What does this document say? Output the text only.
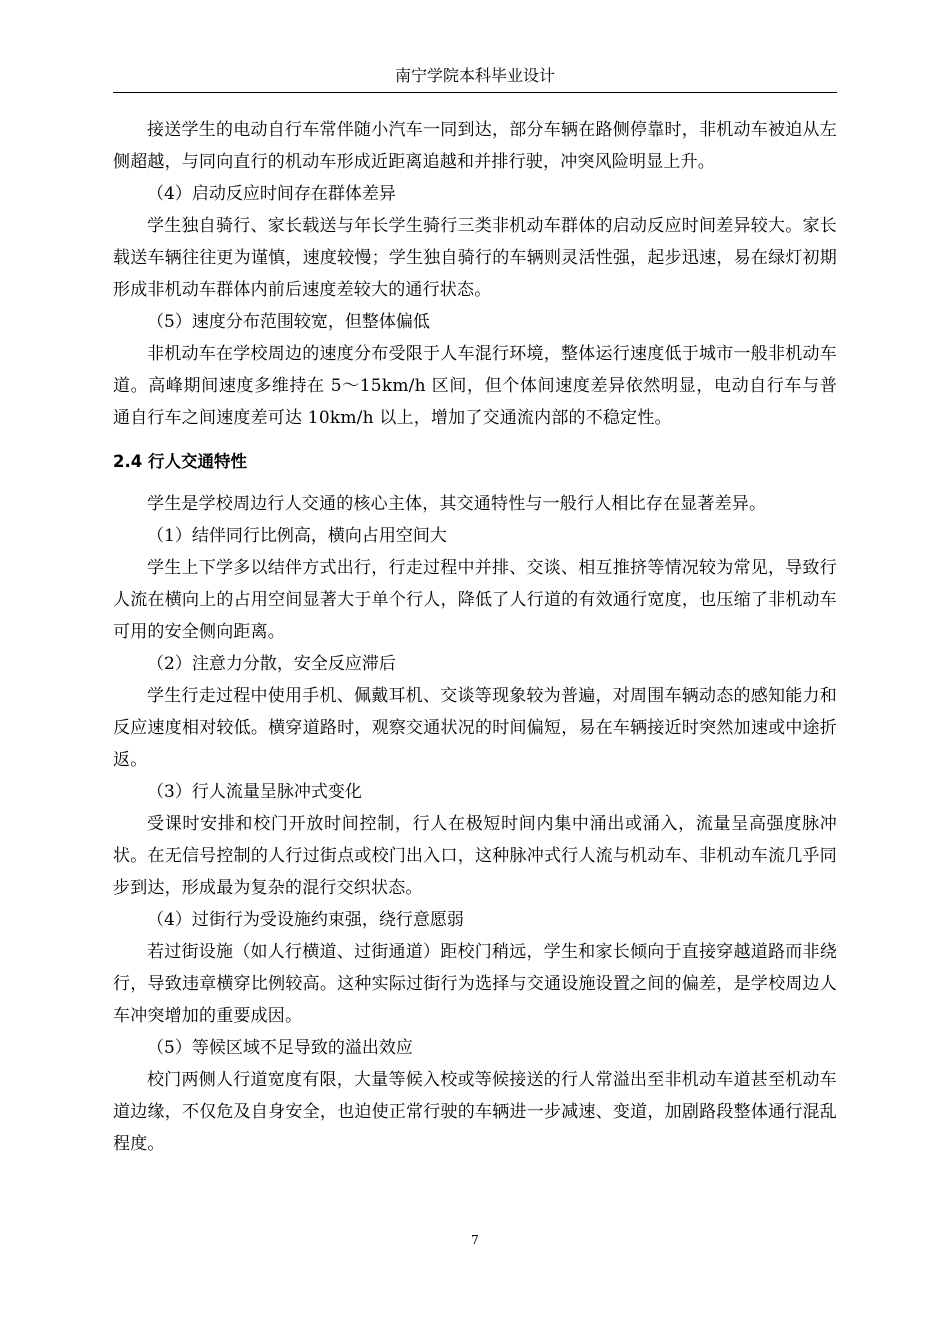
南宁学院本科毕业设计

接送学生的电动自行车常伴随小汽车一同到达，部分车辆在路侧停靠时，非机动车被迫从左侧超越，与同向直行的机动车形成近距离追越和并排行驶，冲突风险明显上升。

（4）启动反应时间存在群体差异

学生独自骑行、家长载送与年长学生骑行三类非机动车群体的启动反应时间差异较大。家长载送车辆往往更为谨慎，速度较慢；学生独自骑行的车辆则灵活性强，起步迅速，易在绿灯初期形成非机动车群体内前后速度差较大的通行状态。

（5）速度分布范围较宽，但整体偏低

非机动车在学校周边的速度分布受限于人车混行环境，整体运行速度低于城市一般非机动车道。高峰期间速度多维持在 5～15km/h 区间，但个体间速度差异依然明显，电动自行车与普通自行车之间速度差可达 10km/h 以上，增加了交通流内部的不稳定性。

2.4 行人交通特性

学生是学校周边行人交通的核心主体，其交通特性与一般行人相比存在显著差异。

（1）结伴同行比例高，横向占用空间大

学生上下学多以结伴方式出行，行走过程中并排、交谈、相互推挤等情况较为常见，导致行人流在横向上的占用空间显著大于单个行人，降低了人行道的有效通行宽度，也压缩了非机动车可用的安全侧向距离。

（2）注意力分散，安全反应滞后

学生行走过程中使用手机、佩戴耳机、交谈等现象较为普遍，对周围车辆动态的感知能力和反应速度相对较低。横穿道路时，观察交通状况的时间偏短，易在车辆接近时突然加速或中途折返。

（3）行人流量呈脉冲式变化

受课时安排和校门开放时间控制，行人在极短时间内集中涌出或涌入，流量呈高强度脉冲状。在无信号控制的人行过街点或校门出入口，这种脉冲式行人流与机动车、非机动车流几乎同步到达，形成最为复杂的混行交织状态。

（4）过街行为受设施约束强，绕行意愿弱

若过街设施（如人行横道、过街通道）距校门稍远，学生和家长倾向于直接穿越道路而非绕行，导致违章横穿比例较高。这种实际过街行为选择与交通设施设置之间的偏差，是学校周边人车冲突增加的重要成因。

（5）等候区域不足导致的溢出效应

校门两侧人行道宽度有限，大量等候入校或等候接送的行人常溢出至非机动车道甚至机动车道边缘，不仅危及自身安全，也迫使正常行驶的车辆进一步减速、变道，加剧路段整体通行混乱程度。

7
